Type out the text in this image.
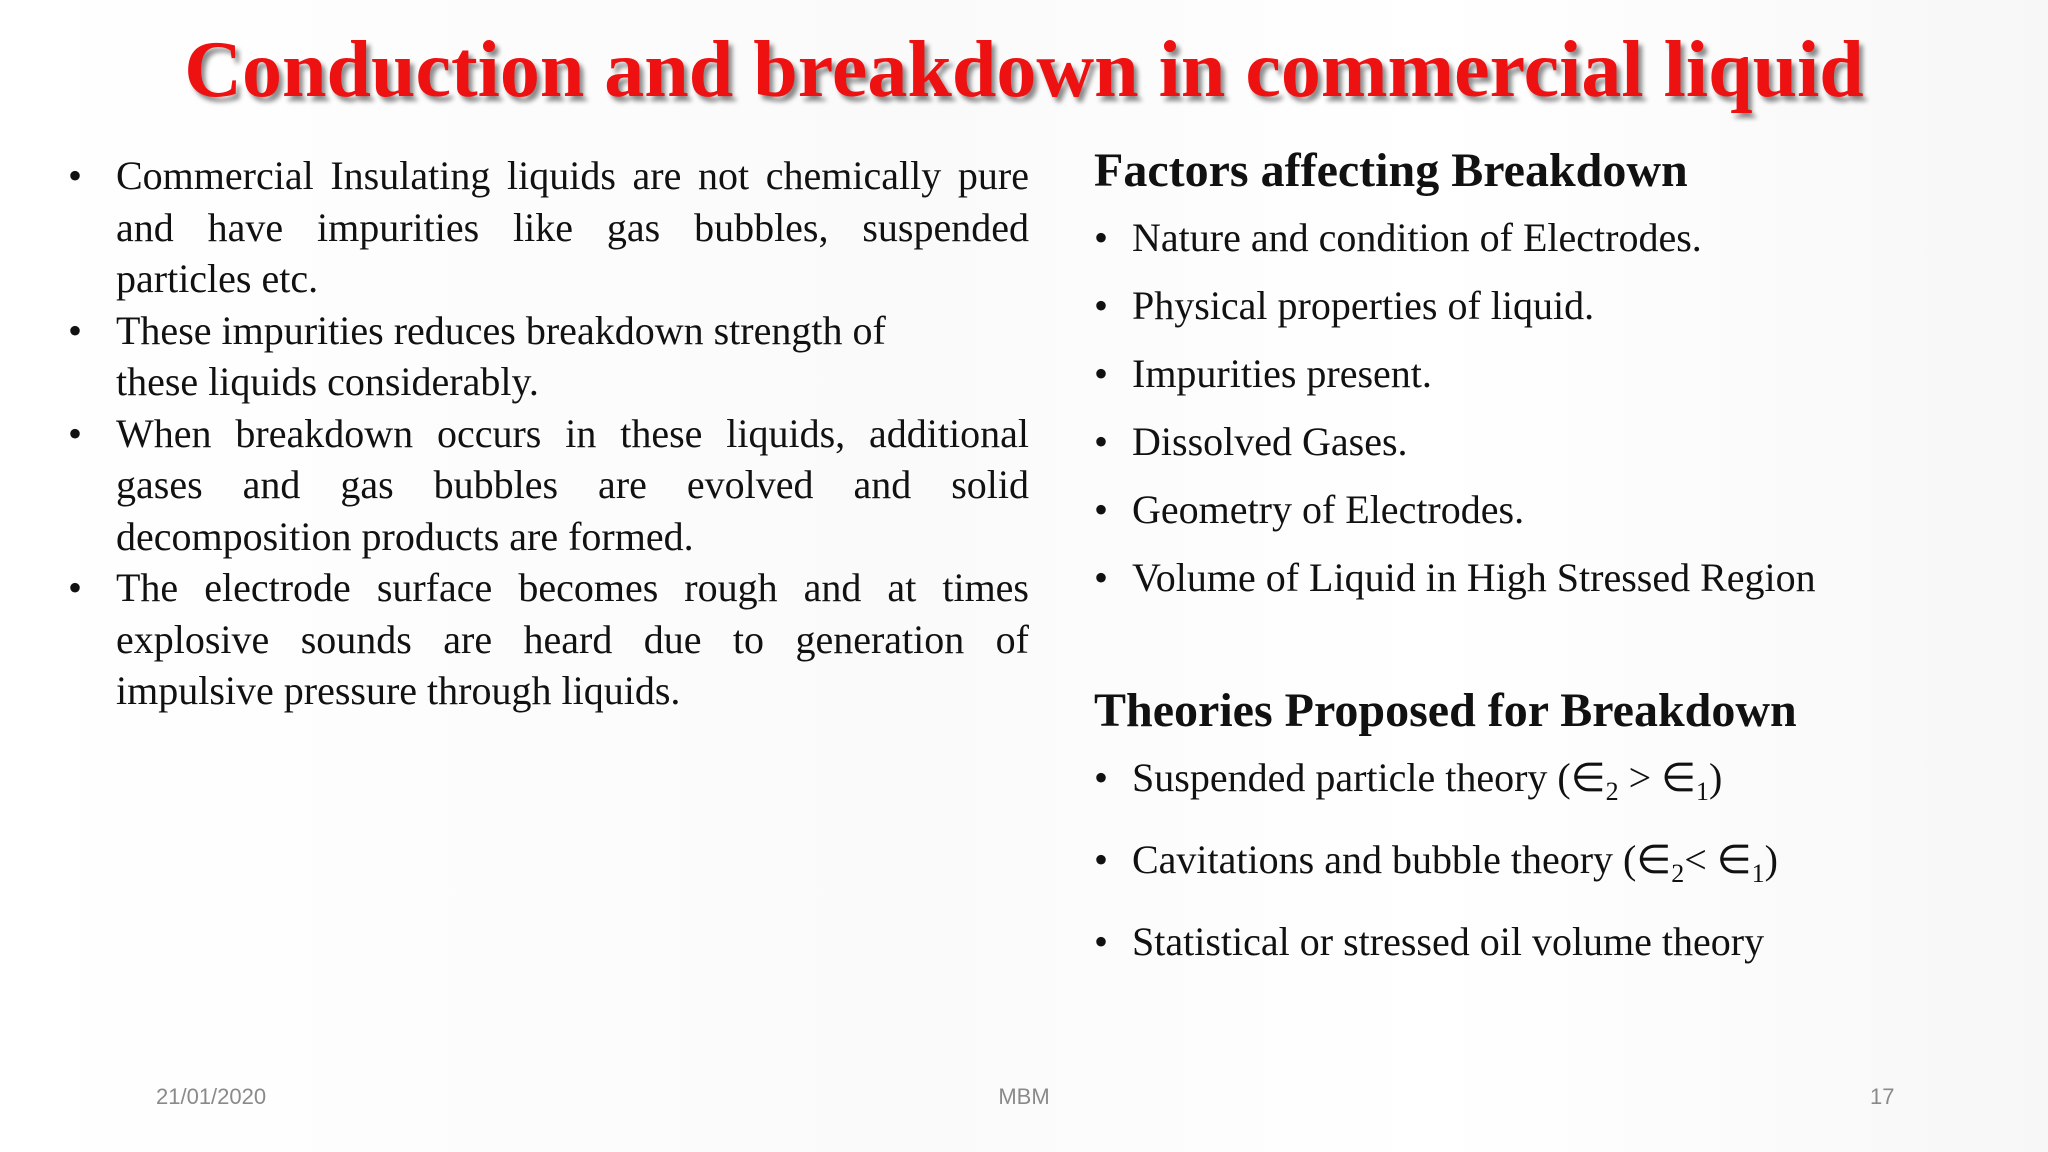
Conduction and breakdown in commercial liquid
• Commercial Insulating liquids are not chemically pure and have impurities like gas bubbles, suspended particles etc.
• These impurities reduces breakdown strength of these liquids considerably.
• When breakdown occurs in these liquids, additional gases and gas bubbles are evolved and solid decomposition products are formed.
• The electrode surface becomes rough and at times explosive sounds are heard due to generation of impulsive pressure through liquids.
Factors affecting Breakdown
• Nature and condition of Electrodes.
• Physical properties of liquid.
• Impurities present.
• Dissolved Gases.
• Geometry of Electrodes.
• Volume of Liquid in High Stressed Region
Theories Proposed for Breakdown
• Suspended particle theory ($\in_2$ > $\in_1$)
• Cavitations and bubble theory ($\in_2<$ $\in_1$)
• Statistical or stressed oil volume theory
21/01/2020	MBM	17
